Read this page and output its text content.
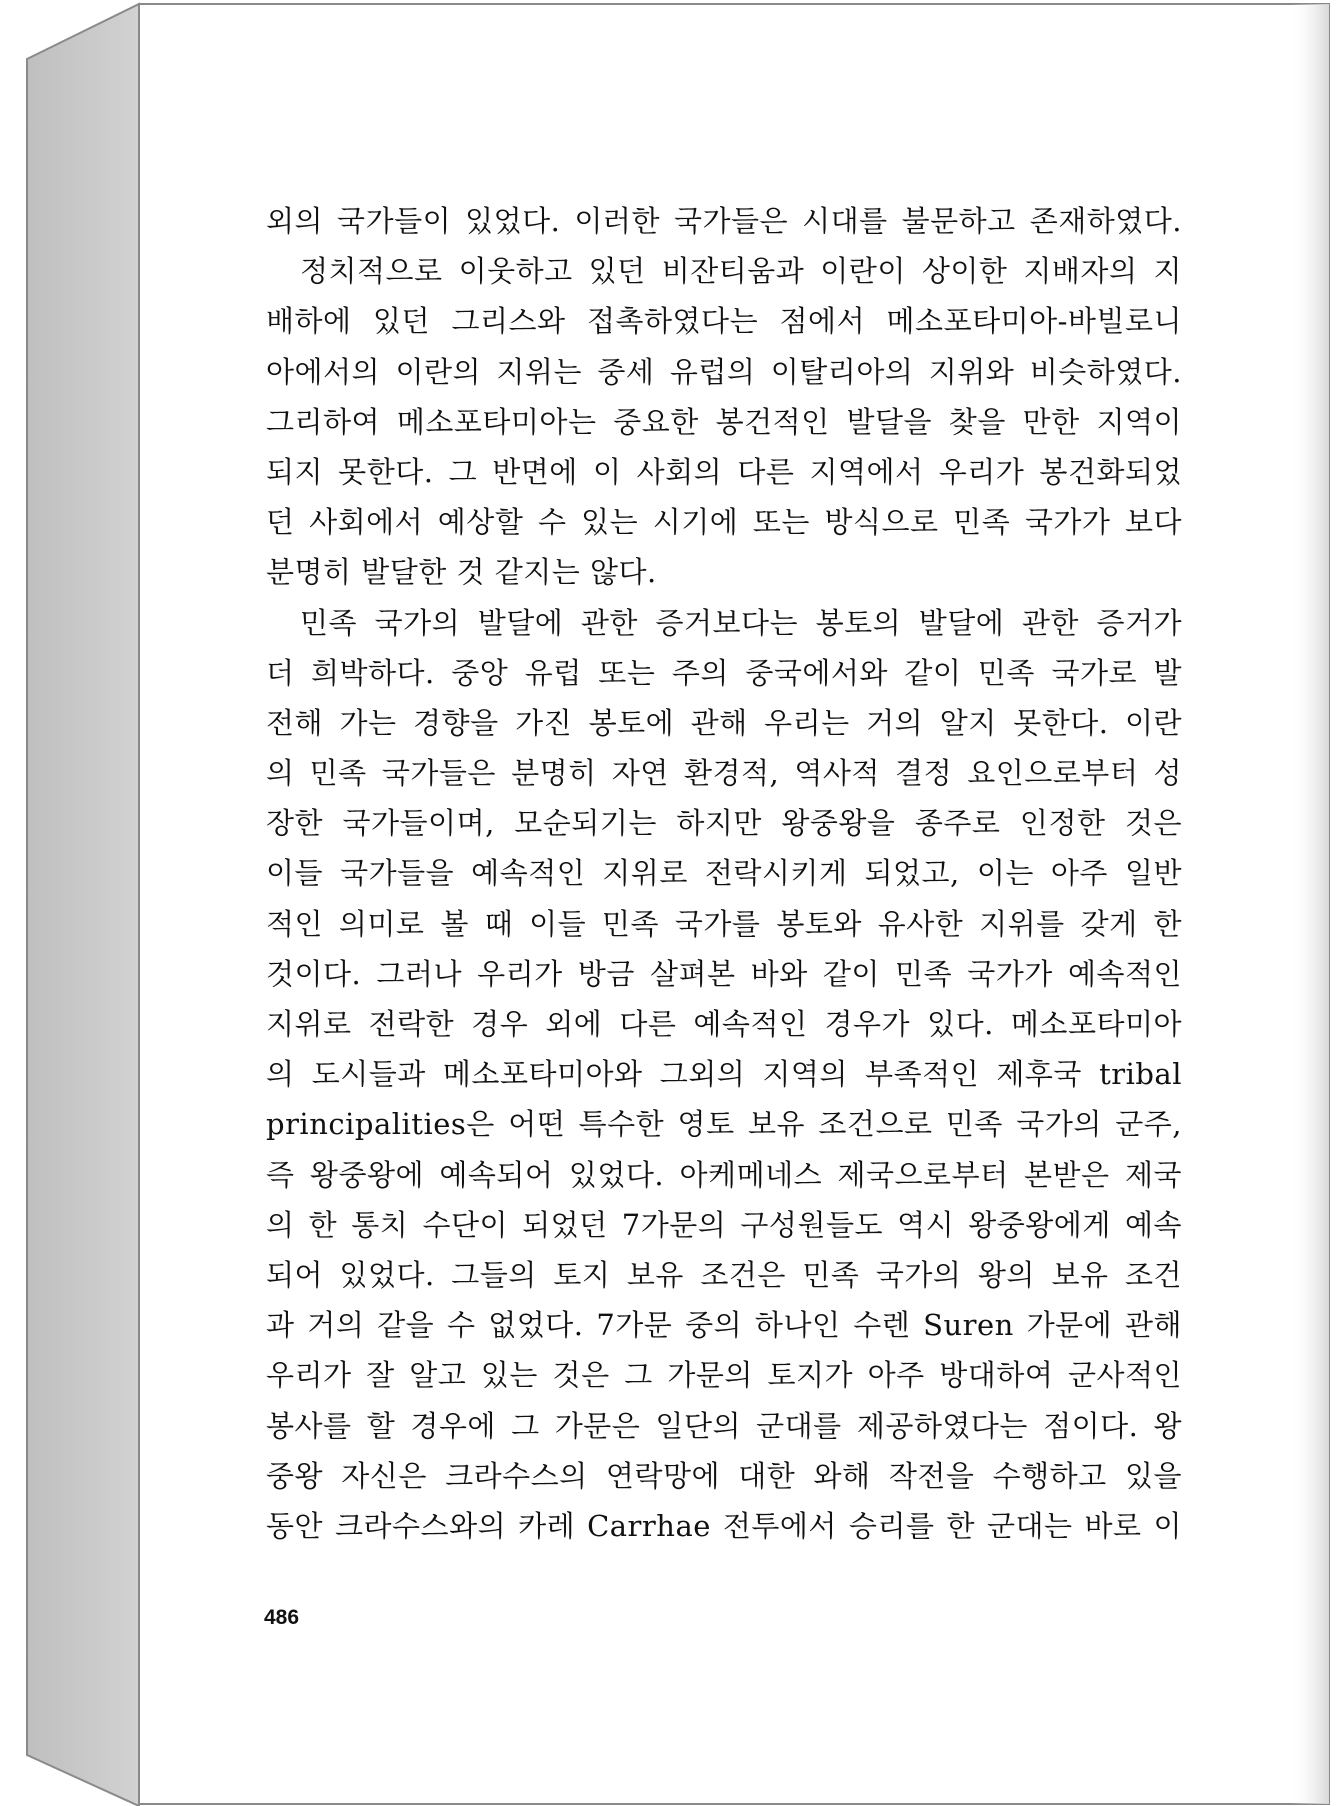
외의 국가들이 있었다. 이러한 국가들은 시대를 불문하고 존재하였다.
정치적으로 이웃하고 있던 비잔티움과 이란이 상이한 지배자의 지
배하에 있던 그리스와 접촉하였다는 점에서 메소포타미아-바빌로니
아에서의 이란의 지위는 중세 유럽의 이탈리아의 지위와 비슷하였다.
그리하여 메소포타미아는 중요한 봉건적인 발달을 찾을 만한 지역이
되지 못한다. 그 반면에 이 사회의 다른 지역에서 우리가 봉건화되었
던 사회에서 예상할 수 있는 시기에 또는 방식으로 민족 국가가 보다
분명히 발달한 것 같지는 않다.
민족 국가의 발달에 관한 증거보다는 봉토의 발달에 관한 증거가
더 희박하다. 중앙 유럽 또는 주의 중국에서와 같이 민족 국가로 발
전해 가는 경향을 가진 봉토에 관해 우리는 거의 알지 못한다. 이란
의 민족 국가들은 분명히 자연 환경적, 역사적 결정 요인으로부터 성
장한 국가들이며, 모순되기는 하지만 왕중왕을 종주로 인정한 것은
이들 국가들을 예속적인 지위로 전락시키게 되었고, 이는 아주 일반
적인 의미로 볼 때 이들 민족 국가를 봉토와 유사한 지위를 갖게 한
것이다. 그러나 우리가 방금 살펴본 바와 같이 민족 국가가 예속적인
지위로 전락한 경우 외에 다른 예속적인 경우가 있다. 메소포타미아
의 도시들과 메소포타미아와 그외의 지역의 부족적인 제후국 tribal
principalities은 어떤 특수한 영토 보유 조건으로 민족 국가의 군주,
즉 왕중왕에 예속되어 있었다. 아케메네스 제국으로부터 본받은 제국
의 한 통치 수단이 되었던 7가문의 구성원들도 역시 왕중왕에게 예속
되어 있었다. 그들의 토지 보유 조건은 민족 국가의 왕의 보유 조건
과 거의 같을 수 없었다. 7가문 중의 하나인 수렌 Suren 가문에 관해
우리가 잘 알고 있는 것은 그 가문의 토지가 아주 방대하여 군사적인
봉사를 할 경우에 그 가문은 일단의 군대를 제공하였다는 점이다. 왕
중왕 자신은 크라수스의 연락망에 대한 와해 작전을 수행하고 있을
동안 크라수스와의 카레 Carrhae 전투에서 승리를 한 군대는 바로 이
486
